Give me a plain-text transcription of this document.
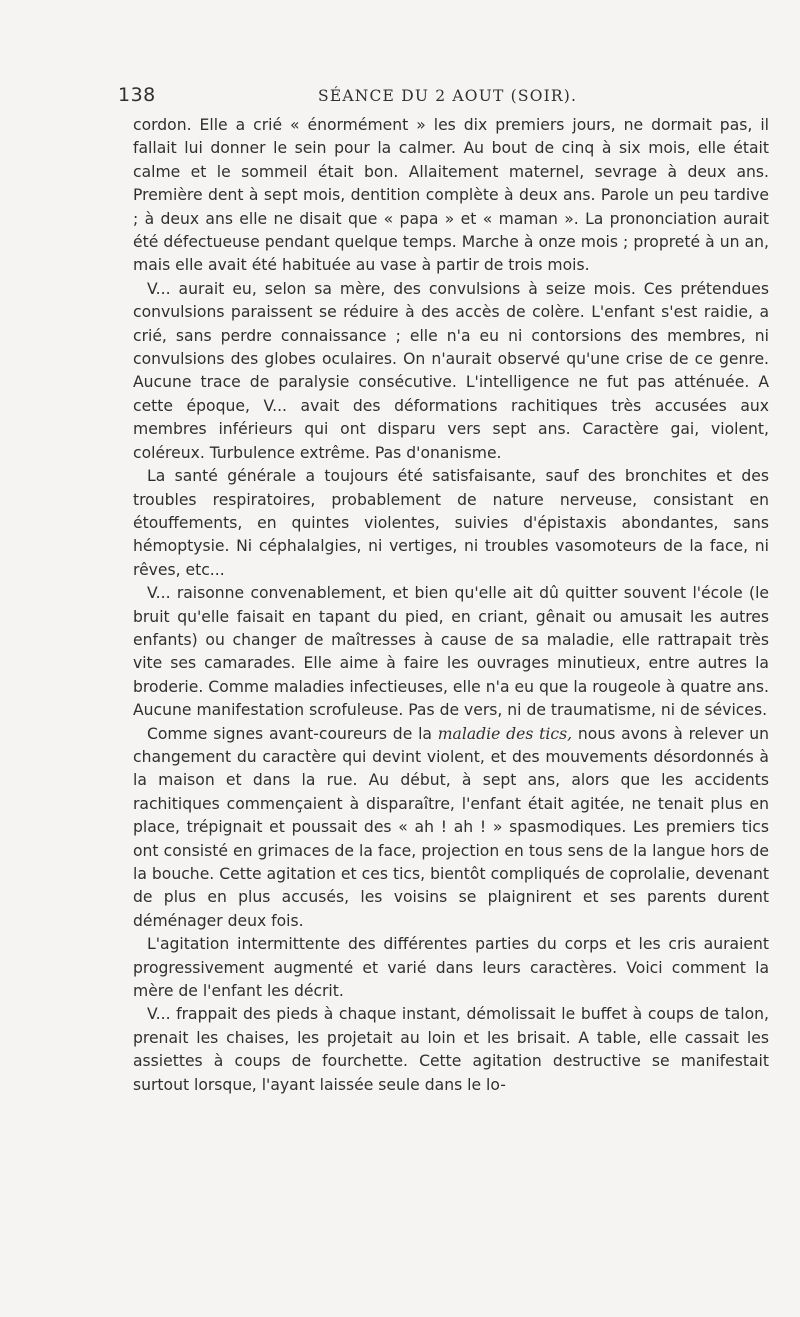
138	SÉANCE DU 2 AOUT (SOIR).

cordon. Elle a crié « énormément » les dix premiers jours, ne dormait pas, il fallait lui donner le sein pour la calmer. Au bout de cinq à six mois, elle était calme et le sommeil était bon. Allaitement maternel, sevrage à deux ans. Première dent à sept mois, dentition complète à deux ans. Parole un peu tardive ; à deux ans elle ne disait que « papa » et « maman ». La prononciation aurait été défectueuse pendant quelque temps. Marche à onze mois ; propreté à un an, mais elle avait été habituée au vase à partir de trois mois.

V... aurait eu, selon sa mère, des convulsions à seize mois. Ces prétendues convulsions paraissent se réduire à des accès de colère. L'enfant s'est raidie, a crié, sans perdre connaissance ; elle n'a eu ni contorsions des membres, ni convulsions des globes oculaires. On n'aurait observé qu'une crise de ce genre. Aucune trace de paralysie consécutive. L'intelligence ne fut pas atténuée. A cette époque, V... avait des déformations rachitiques très accusées aux membres inférieurs qui ont disparu vers sept ans. Caractère gai, violent, coléreux. Turbulence extrême. Pas d'onanisme.

La santé générale a toujours été satisfaisante, sauf des bronchites et des troubles respiratoires, probablement de nature nerveuse, consistant en étouffements, en quintes violentes, suivies d'épistaxis abondantes, sans hémoptysie. Ni céphalalgies, ni vertiges, ni troubles vasomoteurs de la face, ni rêves, etc...

V... raisonne convenablement, et bien qu'elle ait dû quitter souvent l'école (le bruit qu'elle faisait en tapant du pied, en criant, gênait ou amusait les autres enfants) ou changer de maîtresses à cause de sa maladie, elle rattrapait très vite ses camarades. Elle aime à faire les ouvrages minutieux, entre autres la broderie. Comme maladies infectieuses, elle n'a eu que la rougeole à quatre ans. Aucune manifestation scrofuleuse. Pas de vers, ni de traumatisme, ni de sévices.

Comme signes avant-coureurs de la maladie des tics, nous avons à relever un changement du caractère qui devint violent, et des mouvements désordonnés à la maison et dans la rue. Au début, à sept ans, alors que les accidents rachitiques commençaient à disparaître, l'enfant était agitée, ne tenait plus en place, trépignait et poussait des « ah ! ah ! » spasmodiques. Les premiers tics ont consisté en grimaces de la face, projection en tous sens de la langue hors de la bouche. Cette agitation et ces tics, bientôt compliqués de coprolalie, devenant de plus en plus accusés, les voisins se plaignirent et ses parents durent déménager deux fois.

L'agitation intermittente des différentes parties du corps et les cris auraient progressivement augmenté et varié dans leurs caractères. Voici comment la mère de l'enfant les décrit.

V... frappait des pieds à chaque instant, démolissait le buffet à coups de talon, prenait les chaises, les projetait au loin et les brisait. A table, elle cassait les assiettes à coups de fourchette. Cette agitation destructive se manifestait surtout lorsque, l'ayant laissée seule dans le lo-
